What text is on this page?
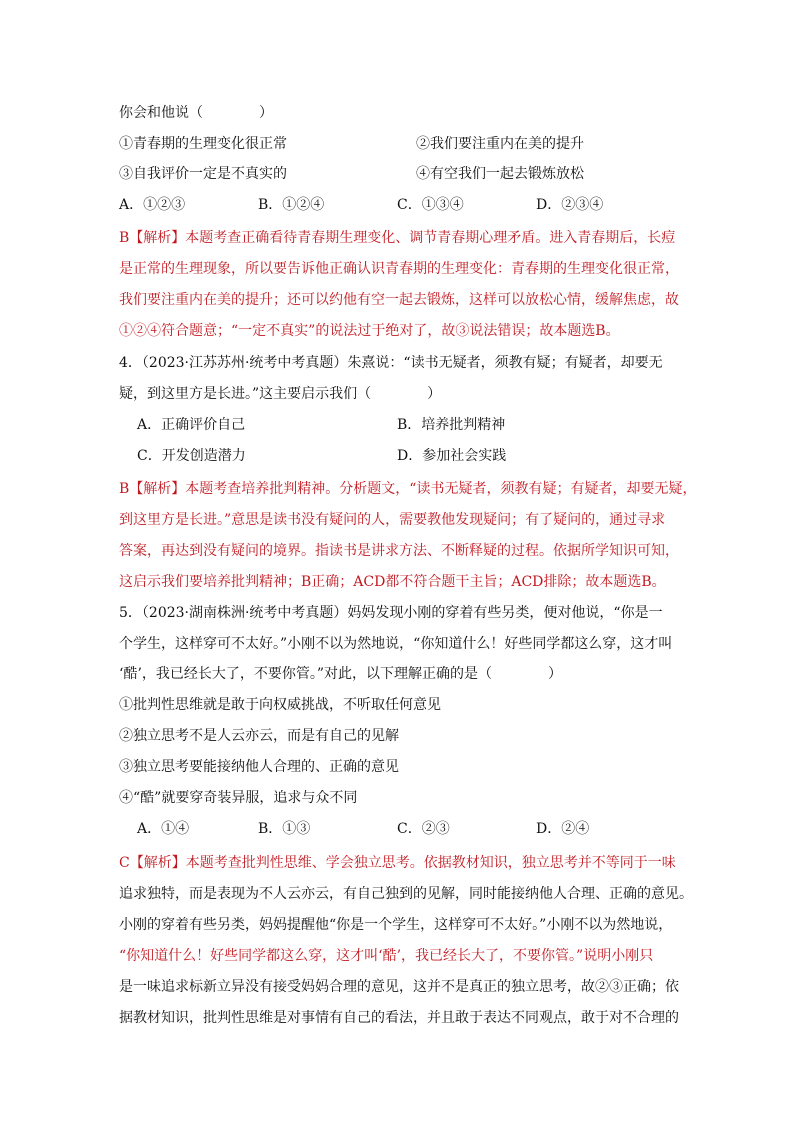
你会和他说（　　　　）
①青春期的生理变化很正常	②我们要注重内在美的提升
③自我评价一定是不真实的	④有空我们一起去锻炼放松
A．①②③	B．①②④	C．①③④	D．②③④
B【解析】本题考查正确看待青春期生理变化、调节青春期心理矛盾。进入青春期后，长痘
是正常的生理现象，所以要告诉他正确认识青春期的生理变化：青春期的生理变化很正常，
我们要注重内在美的提升；还可以约他有空一起去锻炼，这样可以放松心情，缓解焦虑，故
①②④符合题意；“一定不真实”的说法过于绝对了，故③说法错误；故本题选B。
4．（2023·江苏苏州·统考中考真题）朱熹说：“读书无疑者，须教有疑；有疑者，却要无
疑，到这里方是长进。”这主要启示我们（　　　　）
A．正确评价自己	B．培养批判精神
C．开发创造潜力	D．参加社会实践
B【解析】本题考查培养批判精神。分析题文，“读书无疑者，须教有疑；有疑者，却要无疑，
到这里方是长进。”意思是读书没有疑问的人，需要教他发现疑问；有了疑问的，通过寻求
答案，再达到没有疑问的境界。指读书是讲求方法、不断释疑的过程。依据所学知识可知，
这启示我们要培养批判精神；B正确；ACD都不符合题干主旨；ACD排除；故本题选B。
5．（2023·湖南株洲·统考中考真题）妈妈发现小刚的穿着有些另类，便对他说，“你是一
个学生，这样穿可不太好。”小刚不以为然地说，“你知道什么！好些同学都这么穿，这才叫
‘酷’，我已经长大了，不要你管。”对此，以下理解正确的是（　　　　）
①批判性思维就是敢于向权威挑战，不听取任何意见
②独立思考不是人云亦云，而是有自己的见解
③独立思考要能接纳他人合理的、正确的意见
④“酷”就要穿奇装异服，追求与众不同
A．①④	B．①③	C．②③	D．②④
C【解析】本题考查批判性思维、学会独立思考。依据教材知识，独立思考并不等同于一味
追求独特，而是表现为不人云亦云，有自己独到的见解，同时能接纳他人合理、正确的意见。
小刚的穿着有些另类，妈妈提醒他“你是一个学生，这样穿可不太好。”小刚不以为然地说，
“你知道什么！好些同学都这么穿，这才叫‘酷’，我已经长大了，不要你管。”说明小刚只
是一味追求标新立异没有接受妈妈合理的意见，这并不是真正的独立思考，故②③正确；依
据教材知识，批判性思维是对事情有自己的看法，并且敢于表达不同观点，敢于对不合理的
